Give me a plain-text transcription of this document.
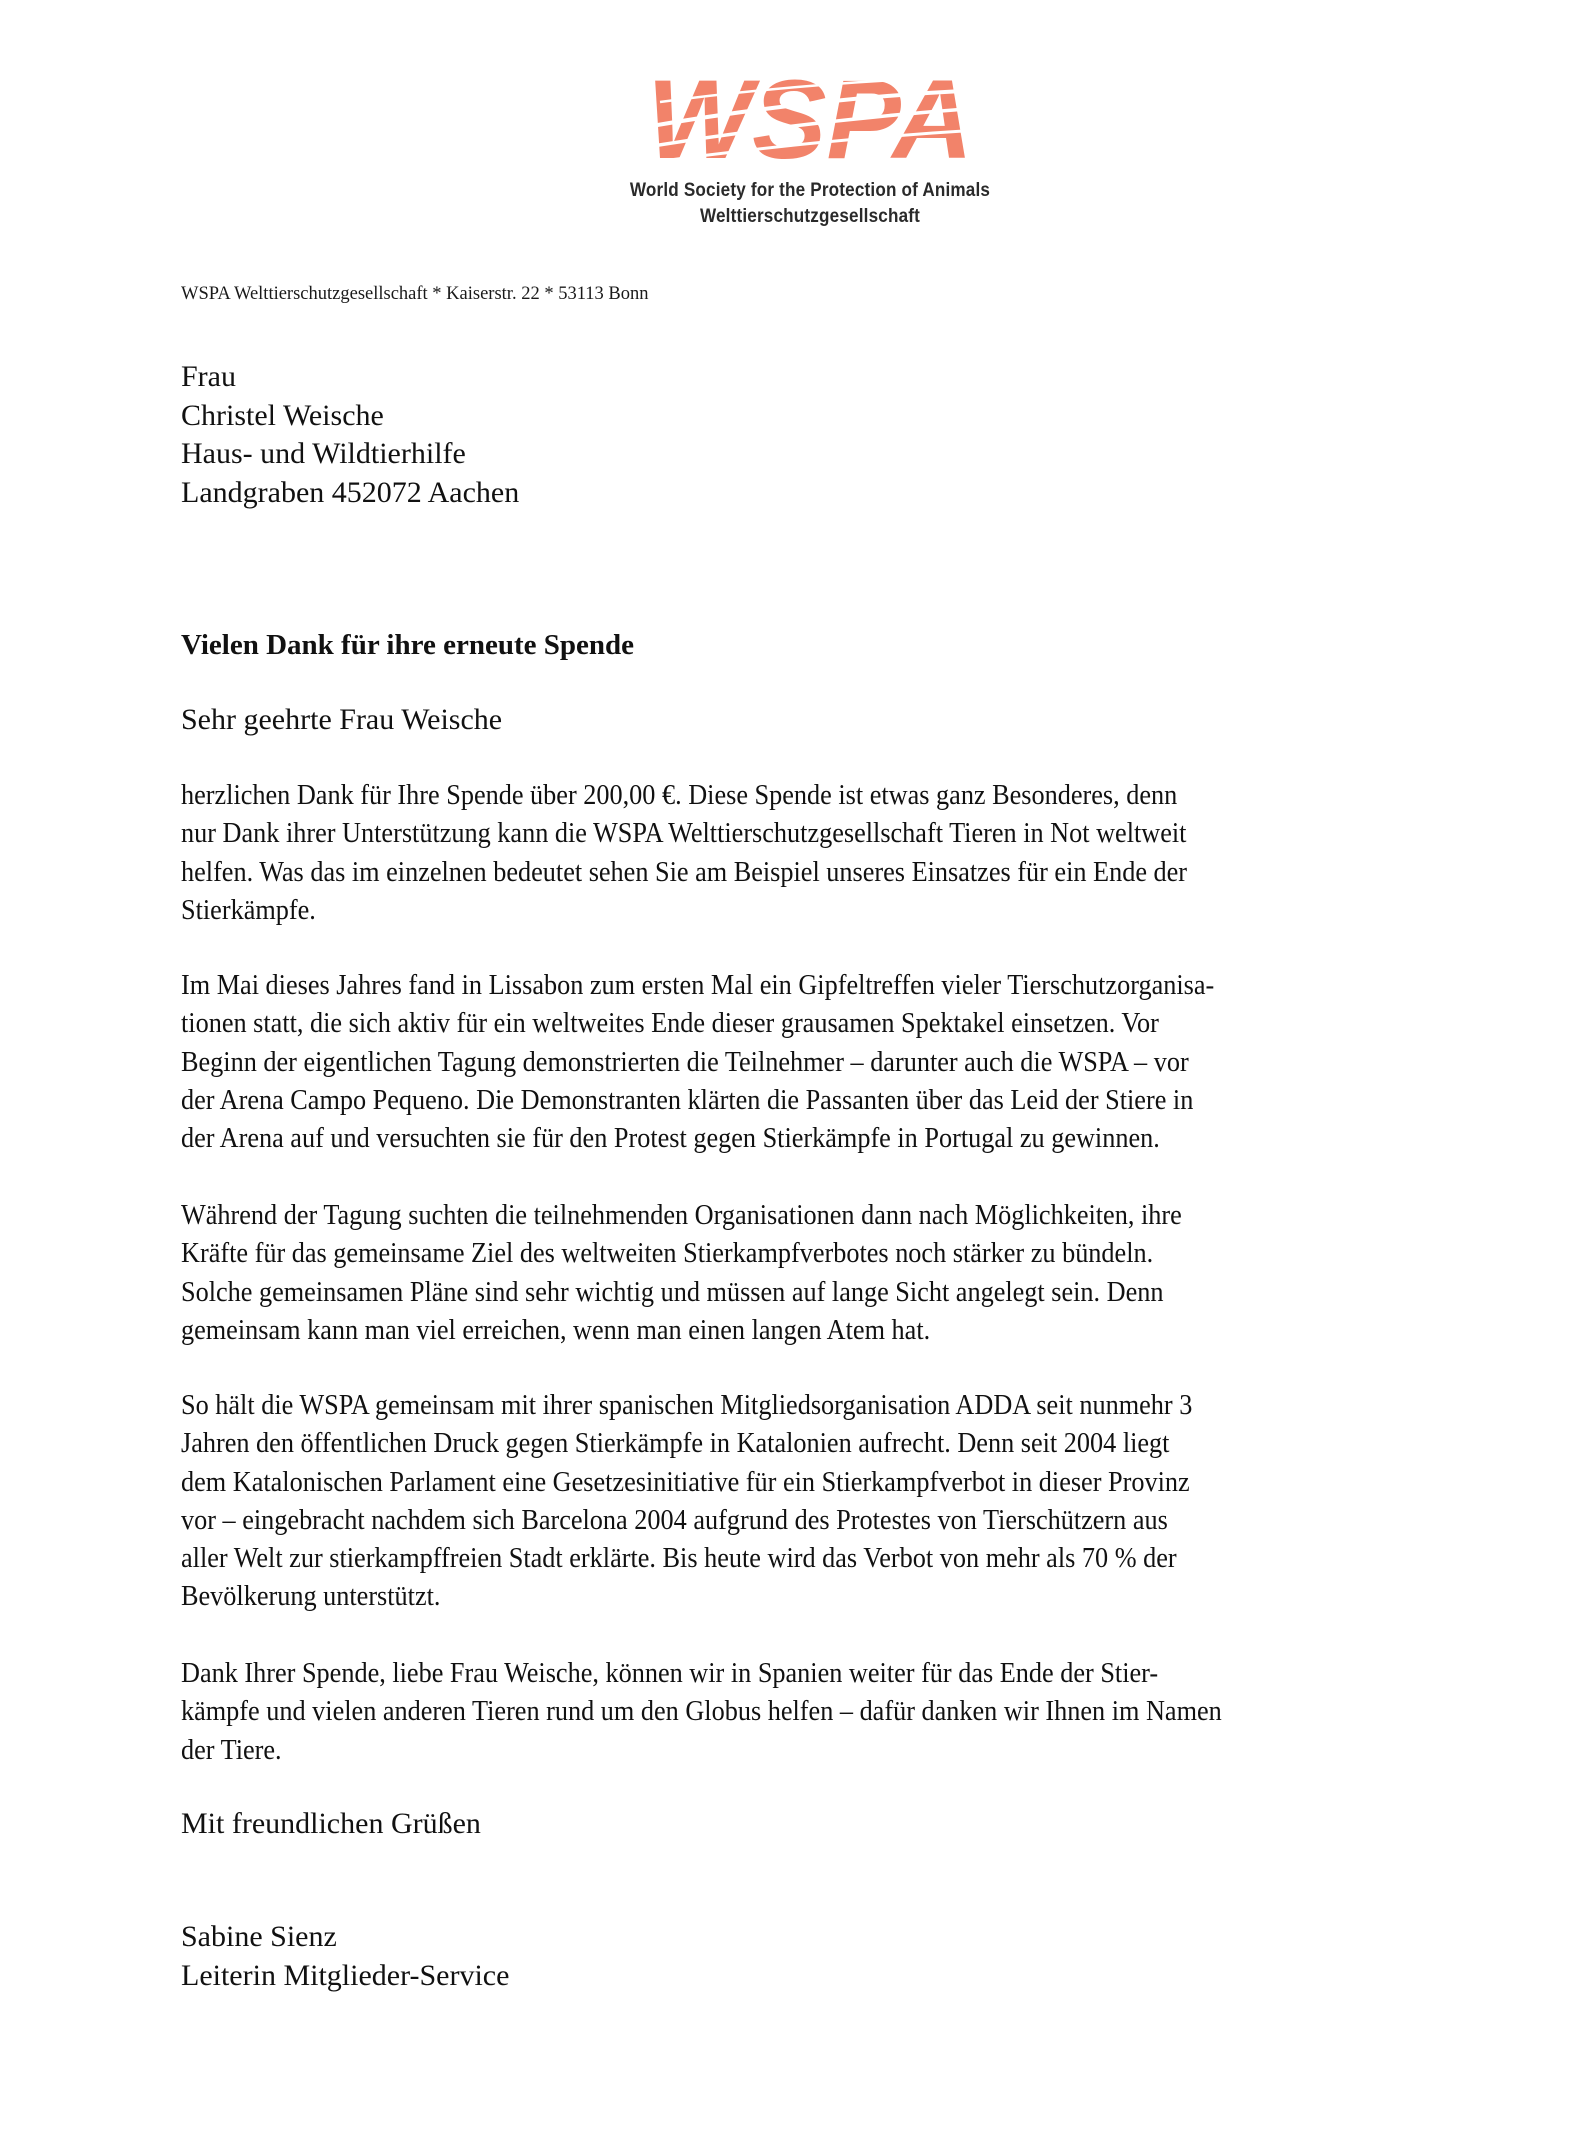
World Society for the Protection of Animals
Welttierschutzgesellschaft
WSPA Welttierschutzgesellschaft * Kaiserstr. 22 * 53113 Bonn
Frau
Christel Weische
Haus- und Wildtierhilfe
Landgraben 452072 Aachen
Vielen Dank für ihre erneute Spende
Sehr geehrte Frau Weische
herzlichen Dank für Ihre Spende über 200,00 €. Diese Spende ist etwas ganz Besonderes, denn
nur Dank ihrer Unterstützung kann die WSPA Welttierschutzgesellschaft Tieren in Not weltweit
helfen. Was das im einzelnen bedeutet sehen Sie am Beispiel unseres Einsatzes für ein Ende der
Stierkämpfe.
Im Mai dieses Jahres fand in Lissabon zum ersten Mal ein Gipfeltreffen vieler Tierschutzorganisa-
tionen statt, die sich aktiv für ein weltweites Ende dieser grausamen Spektakel einsetzen. Vor
Beginn der eigentlichen Tagung demonstrierten die Teilnehmer – darunter auch die WSPA – vor
der Arena Campo Pequeno. Die Demonstranten klärten die Passanten über das Leid der Stiere in
der Arena auf und versuchten sie für den Protest gegen Stierkämpfe in Portugal zu gewinnen.
Während der Tagung suchten die teilnehmenden Organisationen dann nach Möglichkeiten, ihre
Kräfte für das gemeinsame Ziel des weltweiten Stierkampfverbotes noch stärker zu bündeln.
Solche gemeinsamen Pläne sind sehr wichtig und müssen auf lange Sicht angelegt sein. Denn
gemeinsam kann man viel erreichen, wenn man einen langen Atem hat.
So hält die WSPA gemeinsam mit ihrer spanischen Mitgliedsorganisation ADDA seit nunmehr 3
Jahren den öffentlichen Druck gegen Stierkämpfe in Katalonien aufrecht. Denn seit 2004 liegt
dem Katalonischen Parlament eine Gesetzesinitiative für ein Stierkampfverbot in dieser Provinz
vor – eingebracht nachdem sich Barcelona 2004 aufgrund des Protestes von Tierschützern aus
aller Welt zur stierkampffreien Stadt erklärte. Bis heute wird das Verbot von mehr als 70 % der
Bevölkerung unterstützt.
Dank Ihrer Spende, liebe Frau Weische, können wir in Spanien weiter für das Ende der Stier-
kämpfe und vielen anderen Tieren rund um den Globus helfen – dafür danken wir Ihnen im Namen
der Tiere.
Mit freundlichen Grüßen
Sabine Sienz
Leiterin Mitglieder-Service
